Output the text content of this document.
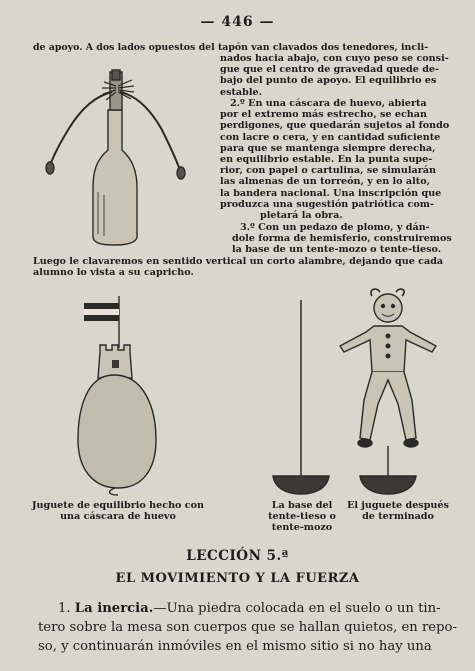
— 446 —
de apoyo. A dos lados opuestos del tapón van clavados dos tenedores, incli-
nados hacia abajo, con cuyo peso se consi-
gue que el centro de gravedad quede de-
bajo del punto de apoyo. El equilibrio es
estable.
2.º En una cáscara de huevo, abierta
por el extremo más estrecho, se echan
perdigones, que quedarán sujetos al fondo
con lacre o cera, y en cantidad suficiente
para que se mantenga siempre derecha,
en equilibrio estable. En la punta supe-
rior, con papel o cartulina, se simularán
las almenas de un torreón, y en lo alto,
la bandera nacional. Una inscripción que
produzca una sugestión patriótica com-
pletará la obra.
3.º Con un pedazo de plomo, y dán-
dole forma de hemisferio, construiremos
la base de un tente-mozo o tente-tieso.
Luego le clavaremos en sentido vertical un corto alambre, dejando que cada
alumno lo vista a su capricho.
Juguete de equilibrio hecho con
una cáscara de huevo
La base del
tente-tieso o
tente-mozo
El juguete después
de terminado
LECCIÓN 5.ª
EL MOVIMIENTO Y LA FUERZA
1. La inercia.—Una piedra colocada en el suelo o un tin-
tero sobre la mesa son cuerpos que se hallan quietos, en repo-
so, y continuarán inmóviles en el mismo sitio si no hay una
